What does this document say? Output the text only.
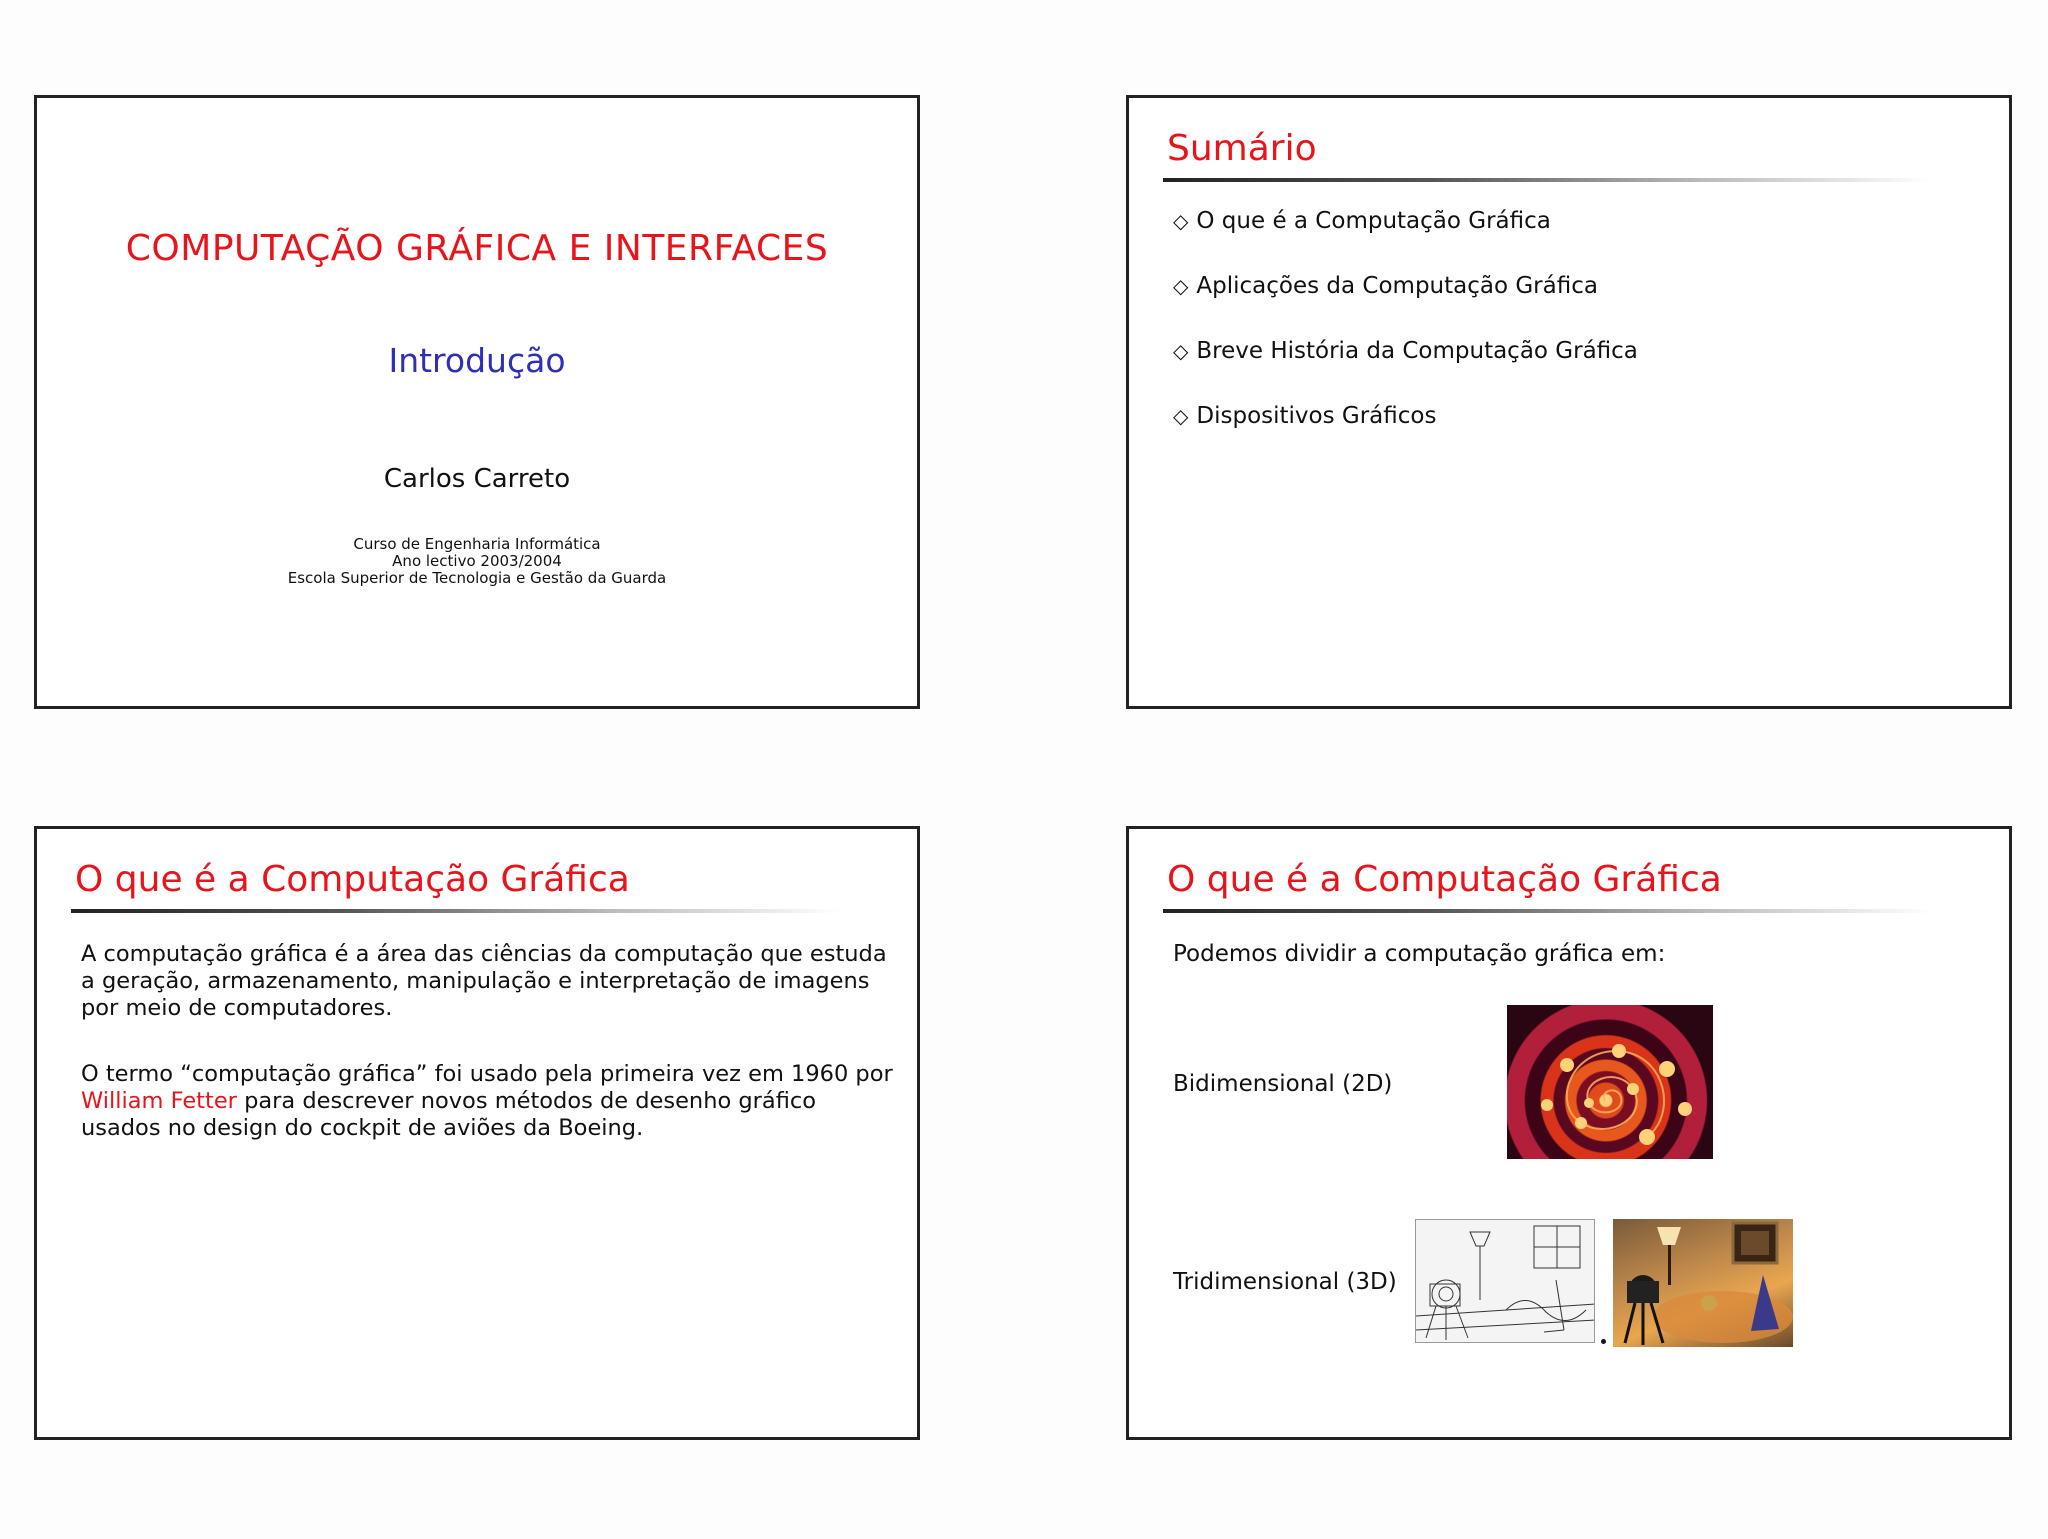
COMPUTAÇÃO GRÁFICA E INTERFACES
Introdução
Carlos Carreto
Curso de Engenharia Informática
Ano lectivo 2003/2004
Escola Superior de Tecnologia e Gestão da Guarda
Sumário
◇ O que é a Computação Gráfica
◇ Aplicações da Computação Gráfica
◇ Breve História da Computação Gráfica
◇ Dispositivos Gráficos
O que é a Computação Gráfica

A computação gráfica é a área das ciências da computação que estuda a geração, armazenamento, manipulação e interpretação de imagens por meio de computadores.

O termo “computação gráfica” foi usado pela primeira vez em 1960 por William Fetter para descrever novos métodos de desenho gráfico usados no design do cockpit de aviões da Boeing.

O que é a Computação Gráfica
Podemos dividir a computação gráfica em:
Bidimensional (2D)
Tridimensional (3D)
